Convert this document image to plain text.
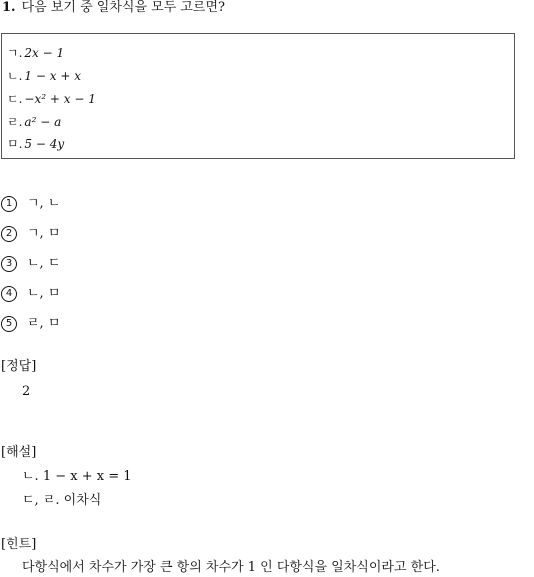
1. 다음 보기 중 일차식을 모두 고르면?
ㄱ. 2x − 1
ㄴ. 1 − x + x
ㄷ. −x² + x − 1
ㄹ. a² − a
ㅁ. 5 − 4y
1 ㄱ, ㄴ
2 ㄱ, ㅁ
3 ㄴ, ㄷ
4 ㄴ, ㅁ
5 ㄹ, ㅁ
[정답]
2
[해설]
ㄴ. 1 − x + x = 1
ㄷ, ㄹ. 이차식
[힌트]
다항식에서 차수가 가장 큰 항의 차수가 1 인 다항식을 일차식이라고 한다.
